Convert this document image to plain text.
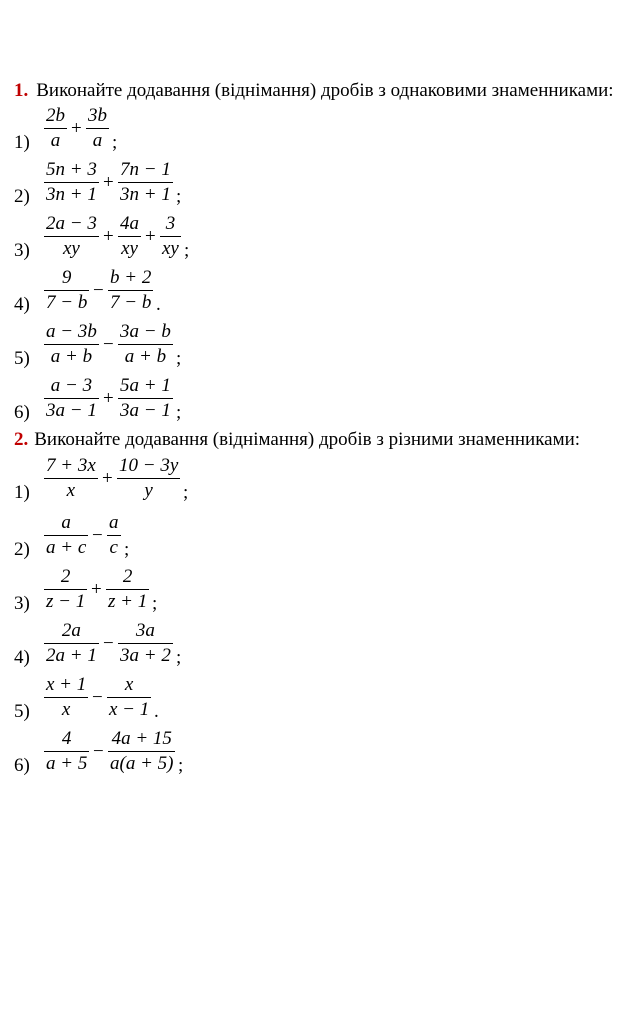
1. Виконайте додавання (віднімання) дробів з однаковими знаменниками:
1)
2b
a
+
3b
a ;
2)
5n + 3
3n + 1
+
7n − 1
3n + 1 ;
3)
2a − 3
xy
+
4a
xy
+
3
xy ;
4)
9
7 − b
−
b + 2
7 − b .
5)
a − 3b
a + b
−
3a − b
a + b ;
6)
a − 3
3a − 1
+
5a + 1
3a − 1 ;
2. Виконайте додавання (віднімання) дробів з різними знаменниками:
1)
7 + 3x
x
+
10 − 3y
y ;
2)
a
a + c
−
a
c ;
3)
2
z − 1
+
2
z + 1 ;
4)
2a
2a + 1
−
3a
3a + 2 ;
5)
x + 1
x
−
x
x − 1 .
6)
4
a + 5
−
4a + 15
a(a + 5) ;
